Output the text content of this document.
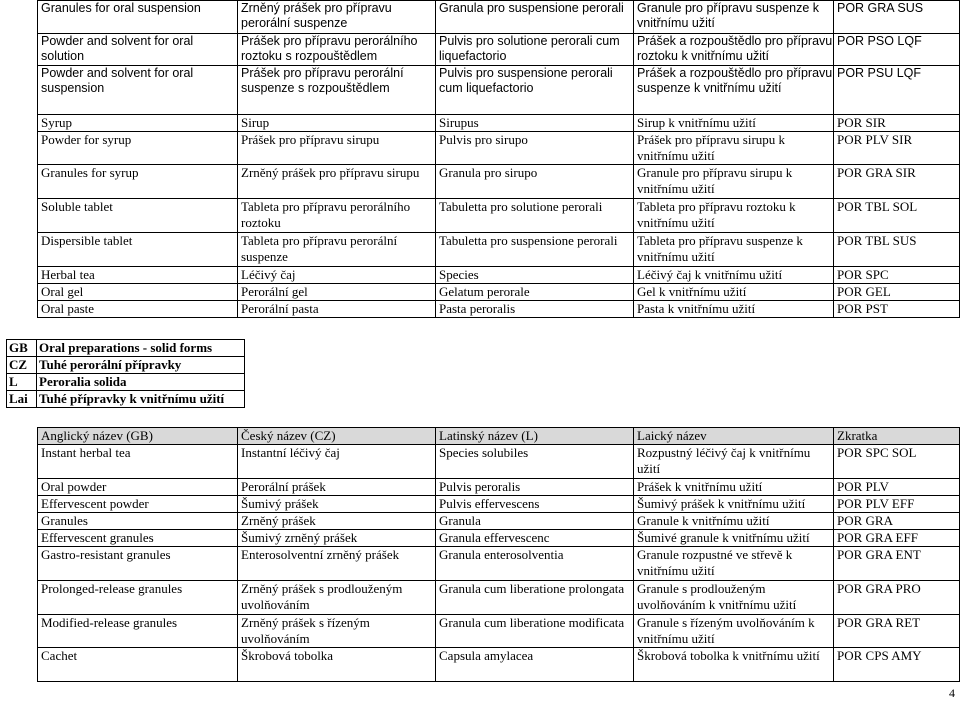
Granules for oral suspension	Zrněný prášek pro přípravu perorální suspenze	Granula pro suspensione perorali	Granule pro přípravu suspenze k vnitřnímu užití	POR GRA SUS
Powder and solvent for oral solution	Prášek pro přípravu perorálního roztoku s rozpouštědlem	Pulvis pro solutione perorali cum liquefactorio	Prášek a rozpouštědlo pro přípravu roztoku k vnitřnímu užití	POR PSO LQF
Powder and solvent for oral suspension	Prášek pro přípravu perorální suspenze s rozpouštědlem	Pulvis pro suspensione perorali cum liquefactorio	Prášek a rozpouštědlo pro přípravu suspenze k vnitřnímu užití	POR PSU LQF
Syrup	Sirup	Sirupus	Sirup k vnitřnímu užití	POR SIR
Powder for syrup	Prášek pro přípravu sirupu	Pulvis pro sirupo	Prášek pro přípravu sirupu k vnitřnímu užití	POR PLV SIR
Granules for syrup	Zrněný prášek pro přípravu sirupu	Granula pro sirupo	Granule pro přípravu sirupu k vnitřnímu užití	POR GRA SIR
Soluble tablet	Tableta pro přípravu perorálního roztoku	Tabuletta pro solutione perorali	Tableta pro přípravu roztoku k vnitřnímu užití	POR TBL SOL
Dispersible tablet	Tableta pro přípravu perorální suspenze	Tabuletta pro suspensione perorali	Tableta pro přípravu suspenze k vnitřnímu užití	POR TBL SUS
Herbal tea	Léčivý čaj	Species	Léčivý čaj k vnitřnímu užití	POR SPC
Oral gel	Perorální gel	Gelatum perorale	Gel k vnitřnímu užití	POR GEL
Oral paste	Perorální pasta	Pasta peroralis	Pasta k vnitřnímu užití	POR PST
GB	Oral preparations - solid forms
CZ	Tuhé perorální přípravky
L	Peroralia solida
Lai	Tuhé přípravky k vnitřnímu užití
Anglický název (GB)	Český název (CZ)	Latinský název (L)	Laický název	Zkratka
Instant herbal tea	Instantní léčivý čaj	Species solubiles	Rozpustný léčivý čaj k vnitřnímu užití	POR SPC SOL
Oral powder	Perorální prášek	Pulvis peroralis	Prášek k vnitřnímu užití	POR PLV
Effervescent powder	Šumivý prášek	Pulvis effervescens	Šumivý prášek k vnitřnímu užití	POR PLV EFF
Granules	Zrněný prášek	Granula	Granule k vnitřnímu užití	POR GRA
Effervescent granules	Šumivý zrněný prášek	Granula effervescenc	Šumivé granule k vnitřnímu užití	POR GRA EFF
Gastro-resistant granules	Enterosolventní zrněný prášek	Granula enterosolventia	Granule rozpustné ve střevě k vnitřnímu užití	POR GRA ENT
Prolonged-release granules	Zrněný prášek s prodlouženým uvolňováním	Granula cum liberatione prolongata	Granule s prodlouženým uvolňováním k vnitřnímu užití	POR GRA PRO
Modified-release granules	Zrněný prášek s řízeným uvolňováním	Granula cum liberatione modificata	Granule s řízeným uvolňováním k vnitřnímu užití	POR GRA RET
Cachet	Škrobová tobolka	Capsula amylacea	Škrobová tobolka k vnitřnímu užití	POR CPS AMY
4
